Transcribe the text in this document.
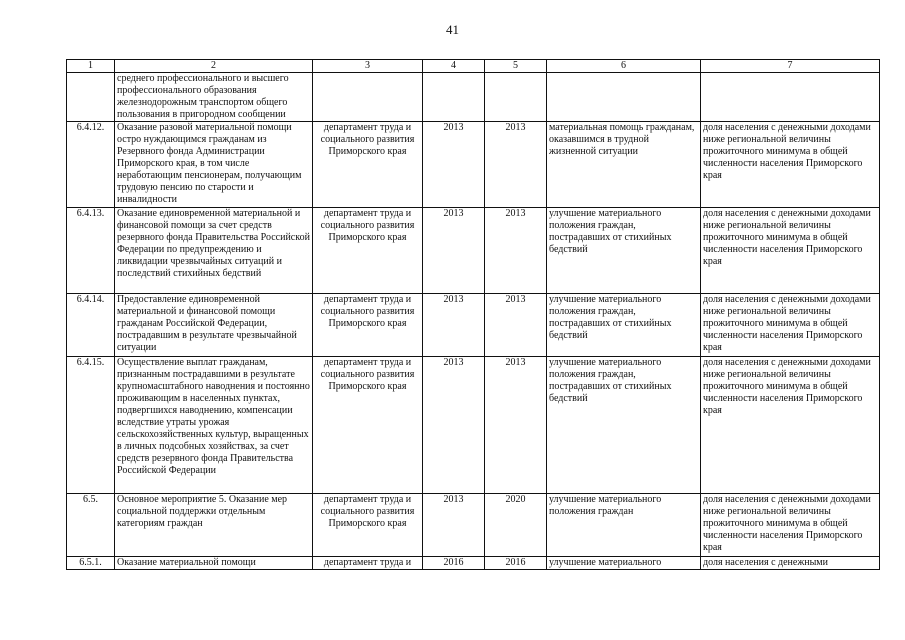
41
1	2	3	4	5	6	7
	среднего профессионального и высшего профессионального образования железнодорожным транспортом общего пользования в пригородном сообщении					
6.4.12.	Оказание разовой материальной помощи остро нуждающимся гражданам из Резервного фонда Администрации Приморского края, в том числе неработающим пенсионерам, получающим трудовую пенсию по старости и инвалидности	департамент труда и социального развития Приморского края	2013	2013	материальная помощь гражданам, оказавшимся в трудной жизненной ситуации	доля населения с денежными доходами ниже региональной величины прожиточного минимума в общей численности населения Приморского края
6.4.13.	Оказание единовременной материальной и финансовой помощи за счет средств резервного фонда Правительства Российской Федерации по предупреждению и ликвидации чрезвычайных ситуаций и последствий стихийных бедствий	департамент труда и социального развития Приморского края	2013	2013	улучшение материального положения граждан, пострадавших от стихийных бедствий	доля населения с денежными доходами ниже региональной величины прожиточного минимума в общей численности населения Приморского края
6.4.14.	Предоставление единовременной материальной и финансовой помощи гражданам Российской Федерации, пострадавшим в результате чрезвычайной ситуации	департамент труда и социального развития Приморского края	2013	2013	улучшение материального положения граждан, пострадавших от стихийных бедствий	доля населения с денежными доходами ниже региональной величины прожиточного минимума в общей численности населения Приморского края
6.4.15.	Осуществление выплат гражданам, признанным пострадавшими в результате крупномасштабного наводнения и постоянно проживающим в населенных пунктах, подвергшихся наводнению, компенсации вследствие утраты урожая сельскохозяйственных культур, выращенных в личных подсобных хозяйствах, за счет средств резервного фонда Правительства Российской Федерации	департамент труда и социального развития Приморского края	2013	2013	улучшение материального положения граждан, пострадавших от стихийных бедствий	доля населения с денежными доходами ниже региональной величины прожиточного минимума в общей численности населения Приморского края
6.5.	Основное мероприятие 5. Оказание мер социальной поддержки отдельным категориям граждан	департамент труда и социального развития Приморского края	2013	2020	улучшение материального положения граждан	доля населения с денежными доходами ниже региональной величины прожиточного минимума в общей численности населения Приморского края
6.5.1.	Оказание материальной помощи	департамент труда и	2016	2016	улучшение материального	доля населения с денежными
